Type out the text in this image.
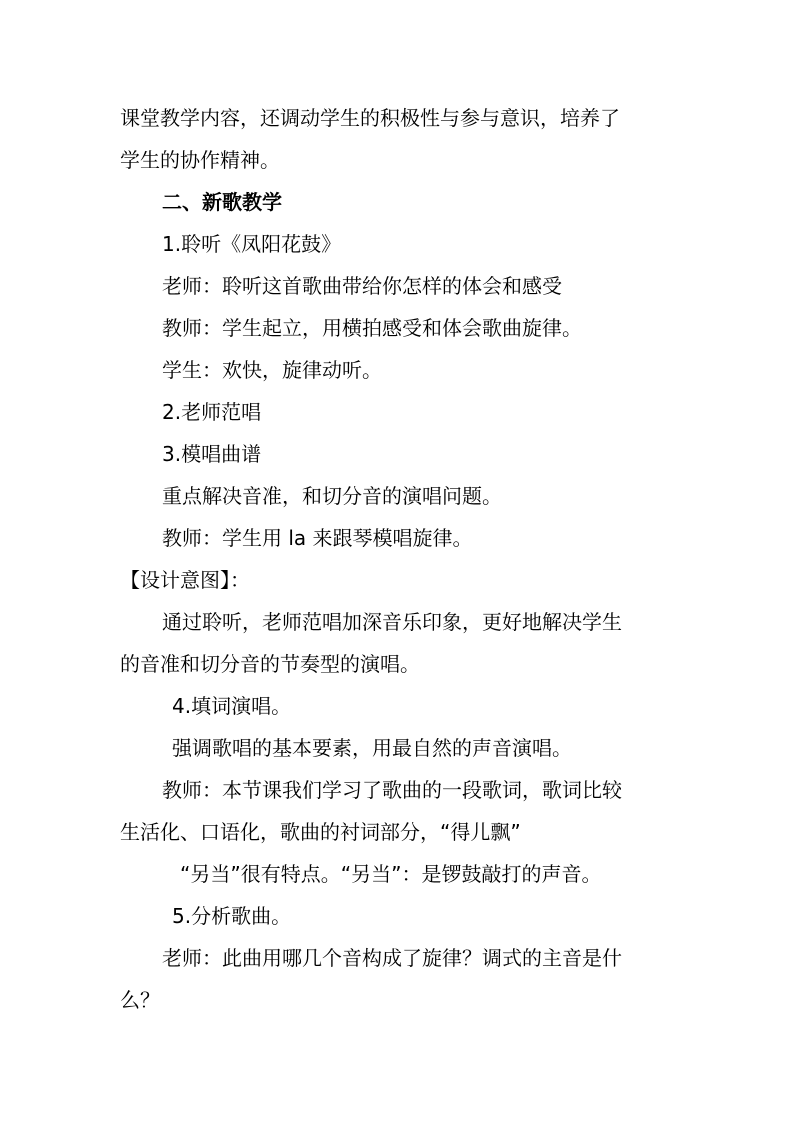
课堂教学内容，还调动学生的积极性与参与意识，培养了
学生的协作精神。
二、新歌教学
1.聆听《凤阳花鼓》
老师：聆听这首歌曲带给你怎样的体会和感受
教师：学生起立，用横拍感受和体会歌曲旋律。
学生：欢快，旋律动听。
2.老师范唱
3.模唱曲谱
重点解决音准，和切分音的演唱问题。
教师：学生用 la 来跟琴模唱旋律。
【设计意图】：
通过聆听，老师范唱加深音乐印象，更好地解决学生
的音准和切分音的节奏型的演唱。
4.填词演唱。
强调歌唱的基本要素，用最自然的声音演唱。
教师：本节课我们学习了歌曲的一段歌词，歌词比较
生活化、口语化，歌曲的衬词部分，“得儿飘”
“另当”很有特点。“另当”：是锣鼓敲打的声音。
5.分析歌曲。
老师：此曲用哪几个音构成了旋律？调式的主音是什
么？
